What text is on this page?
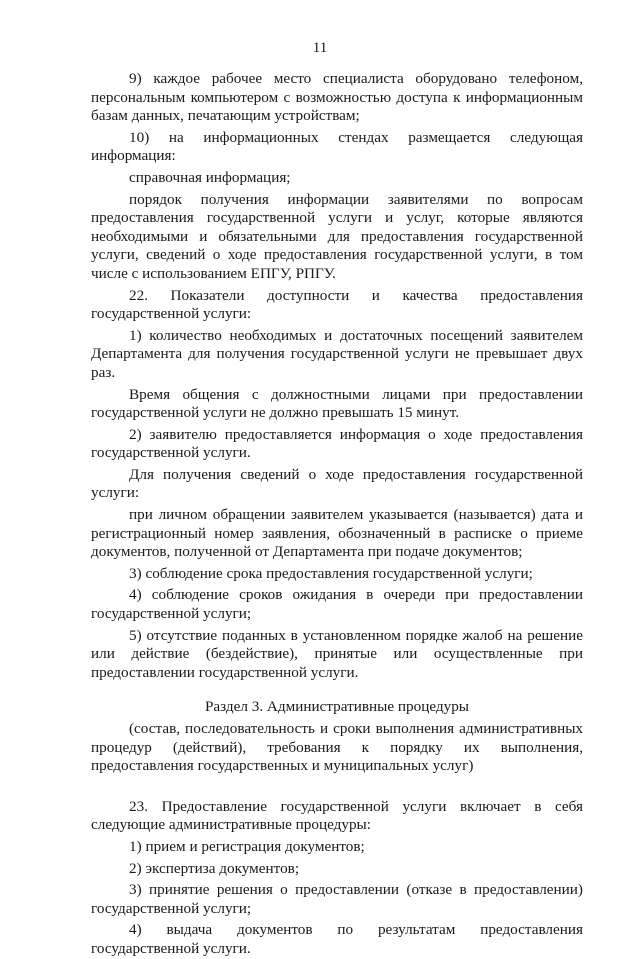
11

9) каждое рабочее место специалиста оборудовано телефоном, персональным компьютером с возможностью доступа к информационным базам данных, печатающим устройствам;

10) на информационных стендах размещается следующая информация:

справочная информация;

порядок получения информации заявителями по вопросам предоставления государственной услуги и услуг, которые являются необходимыми и обязательными для предоставления государственной услуги, сведений о ходе предоставления государственной услуги, в том числе с использованием ЕПГУ, РПГУ.

22. Показатели доступности и качества предоставления государственной услуги:

1) количество необходимых и достаточных посещений заявителем Департамента для получения государственной услуги не превышает двух раз.

Время общения с должностными лицами при предоставлении государственной услуги не должно превышать 15 минут.

2) заявителю предоставляется информация о ходе предоставления государственной услуги.

Для получения сведений о ходе предоставления государственной услуги:

при личном обращении заявителем указывается (называется) дата и регистрационный номер заявления, обозначенный в расписке о приеме документов, полученной от Департамента при подаче документов;

3) соблюдение срока предоставления государственной услуги;

4) соблюдение сроков ожидания в очереди при предоставлении государственной услуги;

5) отсутствие поданных в установленном порядке жалоб на решение или действие (бездействие), принятые или осуществленные при предоставлении государственной услуги.

Раздел 3. Административные процедуры

(состав, последовательность и сроки выполнения административных процедур (действий), требования к порядку их выполнения, предоставления государственных и муниципальных услуг)

23. Предоставление государственной услуги включает в себя следующие административные процедуры:

1) прием и регистрация документов;

2) экспертиза документов;

3) принятие решения о предоставлении (отказе в предоставлении) государственной услуги;

4) выдача документов по результатам предоставления государственной услуги.
